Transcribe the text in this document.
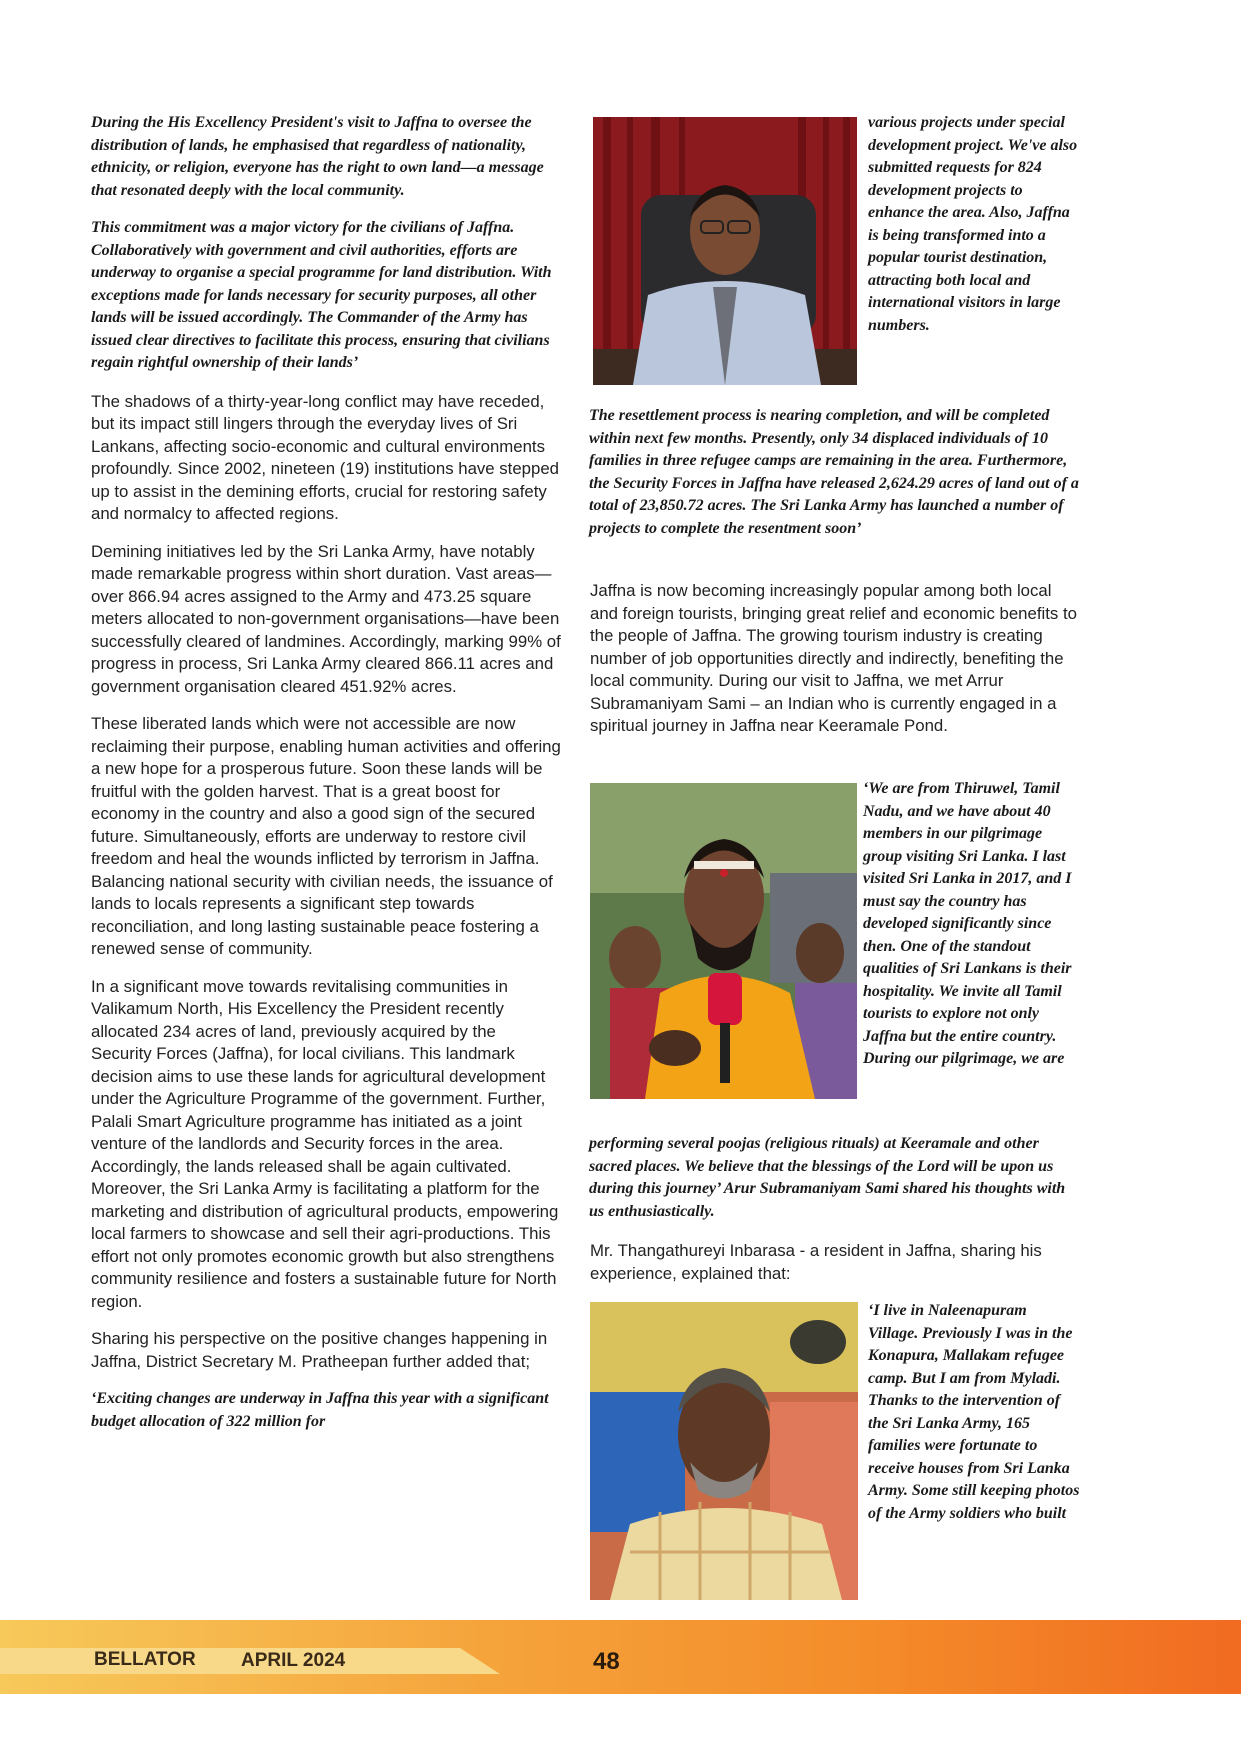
During the His Excellency President's visit to Jaffna to oversee the distribution of lands, he emphasised that regardless of nationality, ethnicity, or religion, everyone has the right to own land—a message that resonated deeply with the local community.

This commitment was a major victory for the civilians of Jaffna. Collaboratively with government and civil authorities, efforts are underway to organise a special programme for land distribution. With exceptions made for lands necessary for security purposes, all other lands will be issued accordingly. The Commander of the Army has issued clear directives to facilitate this process, ensuring that civilians regain rightful ownership of their lands’

The shadows of a thirty-year-long conflict may have receded, but its impact still lingers through the everyday lives of Sri Lankans, affecting socio-economic and cultural environments profoundly. Since 2002, nineteen (19) institutions have stepped up to assist in the demining efforts, crucial for restoring safety and normalcy to affected regions.

Demining initiatives led by the Sri Lanka Army, have notably made remarkable progress within short duration. Vast areas—over 866.94 acres assigned to the Army and 473.25 square meters allocated to non-government organisations—have been successfully cleared of landmines. Accordingly, marking 99% of progress in process, Sri Lanka Army cleared 866.11 acres and government organisation cleared 451.92% acres.

These liberated lands which were not accessible are now reclaiming their purpose, enabling human activities and offering a new hope for a prosperous future. Soon these lands will be fruitful with the golden harvest. That is a great boost for economy in the country and also a good sign of the secured future. Simultaneously, efforts are underway to restore civil freedom and heal the wounds inflicted by terrorism in Jaffna. Balancing national security with civilian needs, the issuance of lands to locals represents a significant step towards reconciliation, and long lasting sustainable peace fostering a renewed sense of community.

In a significant move towards revitalising communities in Valikamum North, His Excellency the President recently allocated 234 acres of land, previously acquired by the Security Forces (Jaffna), for local civilians. This landmark decision aims to use these lands for agricultural development under the Agriculture Programme of the government. Further, Palali Smart Agriculture programme has initiated as a joint venture of the landlords and Security forces in the area. Accordingly, the lands released shall be again cultivated. Moreover, the Sri Lanka Army is facilitating a platform for the marketing and distribution of agricultural products, empowering local farmers to showcase and sell their agri-productions. This effort not only promotes economic growth but also strengthens community resilience and fosters a sustainable future for North region.

Sharing his perspective on the positive changes happening in Jaffna, District Secretary M. Pratheepan further added that;

‘Exciting changes are underway in Jaffna this year with a significant budget allocation of 322 million for

various projects under special development project. We've also submitted requests for 824 development projects to enhance the area. Also, Jaffna is being transformed into a popular tourist destination, attracting both local and international visitors in large numbers.

The resettlement process is nearing completion, and will be completed within next few months. Presently, only 34 displaced individuals of 10 families in three refugee camps are remaining in the area. Furthermore, the Security Forces in Jaffna have released 2,624.29 acres of land out of a total of 23,850.72 acres. The Sri Lanka Army has launched a number of projects to complete the resentment soon’

Jaffna is now becoming increasingly popular among both local and foreign tourists, bringing great relief and economic benefits to the people of Jaffna. The growing tourism industry is creating number of job opportunities directly and indirectly, benefiting the local community. During our visit to Jaffna, we met Arrur Subramaniyam Sami – an Indian who is currently engaged in a spiritual journey in Jaffna near Keeramale Pond.

‘We are from Thiruwel, Tamil Nadu, and we have about 40 members in our pilgrimage group visiting Sri Lanka. I last visited Sri Lanka in 2017, and I must say the country has developed significantly since then. One of the standout qualities of Sri Lankans is their hospitality. We invite all Tamil tourists to explore not only Jaffna but the entire country. During our pilgrimage, we are

performing several poojas (religious rituals) at Keeramale and other sacred places. We believe that the blessings of the Lord will be upon us during this journey’ Arur Subramaniyam Sami shared his thoughts with us enthusiastically.

Mr. Thangathureyi Inbarasa - a resident in Jaffna, sharing his experience, explained that:

‘I live in Naleenapuram Village. Previously I was in the Konapura, Mallakam refugee camp. But I am from Myladi. Thanks to the intervention of the Sri Lanka Army, 165 families were fortunate to receive houses from Sri Lanka Army. Some still keeping photos of the Army soldiers who built

BELLATOR APRIL 2024	48
